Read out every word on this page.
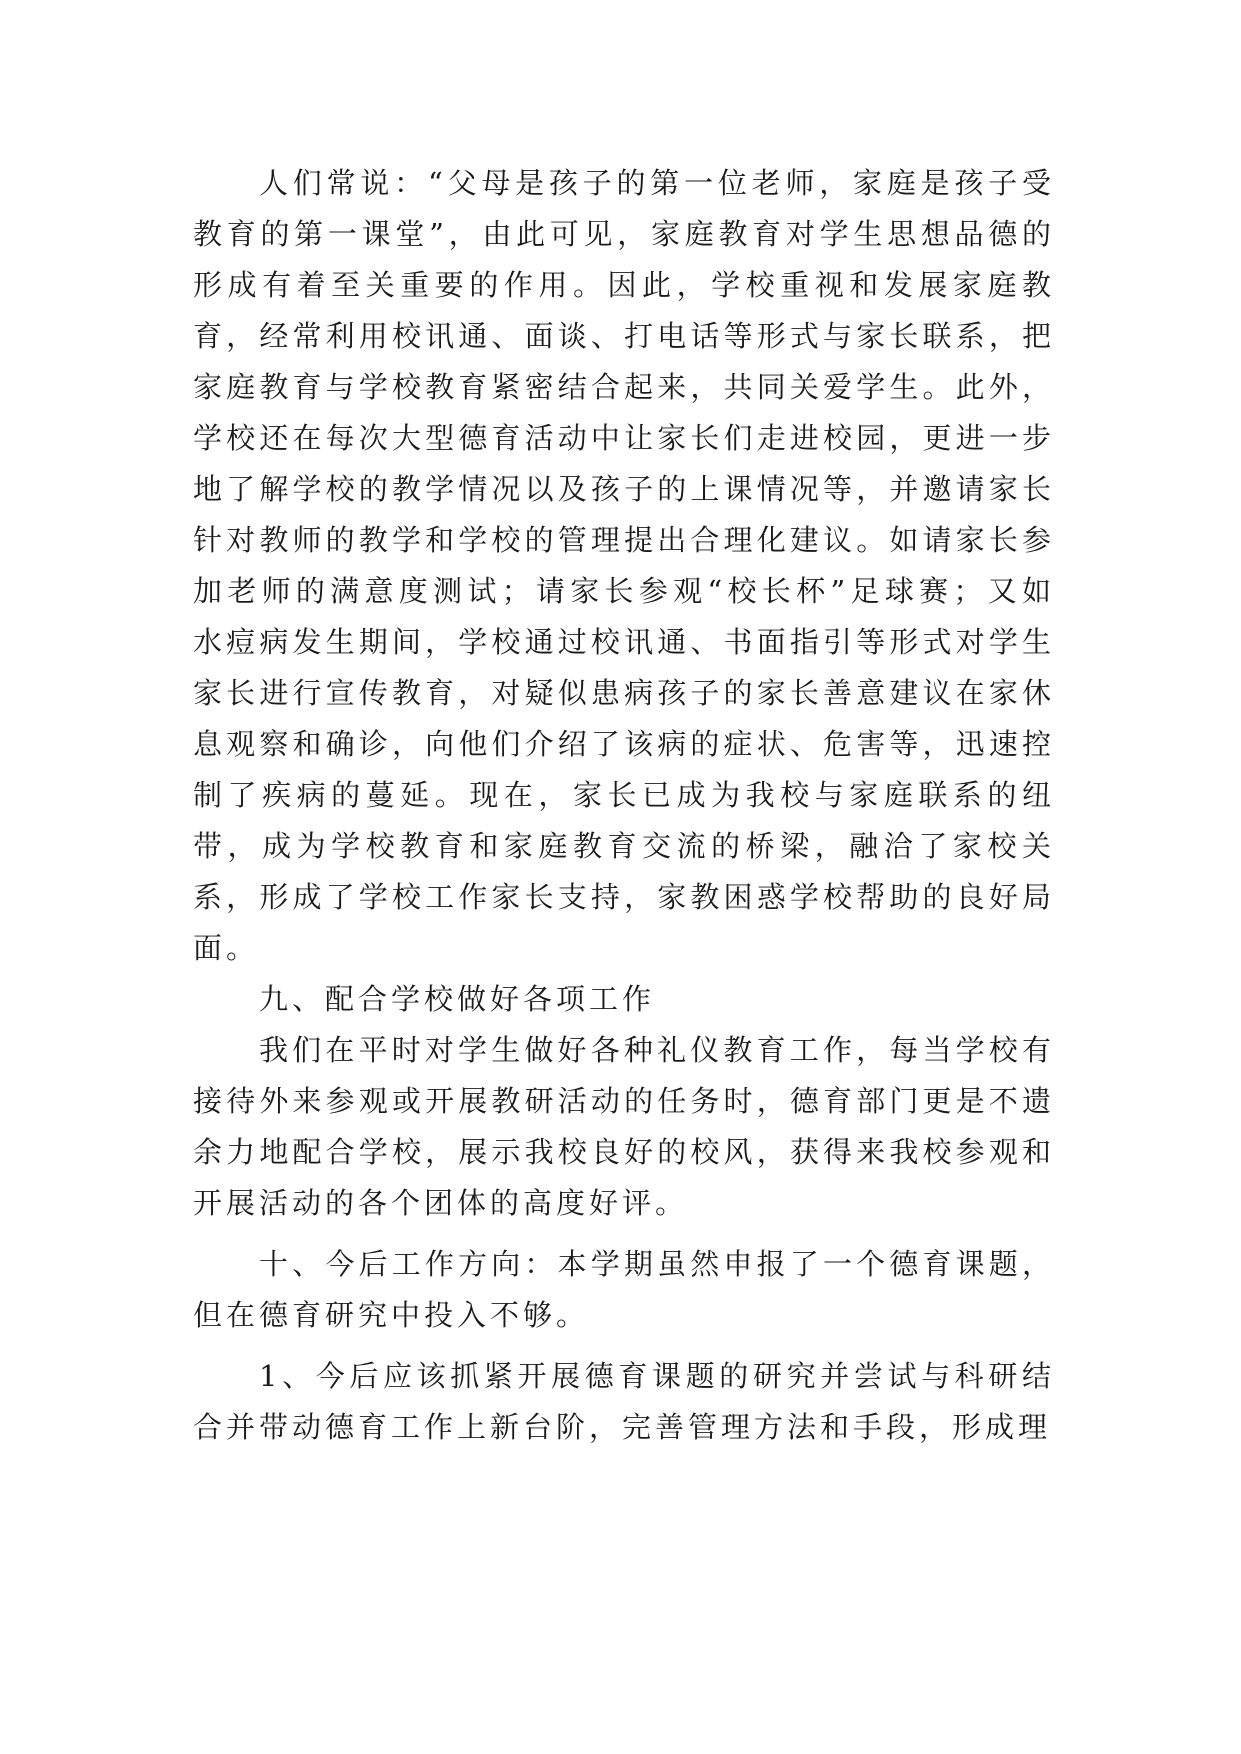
人们常说：“父母是孩子的第一位老师，家庭是孩子受教育的第一课堂”，由此可见，家庭教育对学生思想品德的形成有着至关重要的作用。因此，学校重视和发展家庭教育，经常利用校讯通、面谈、打电话等形式与家长联系，把家庭教育与学校教育紧密结合起来，共同关爱学生。此外，学校还在每次大型德育活动中让家长们走进校园，更进一步地了解学校的教学情况以及孩子的上课情况等，并邀请家长针对教师的教学和学校的管理提出合理化建议。如请家长参加老师的满意度测试；请家长参观“校长杯”足球赛；又如水痘病发生期间，学校通过校讯通、书面指引等形式对学生家长进行宣传教育，对疑似患病孩子的家长善意建议在家休息观察和确诊，向他们介绍了该病的症状、危害等，迅速控制了疾病的蔓延。现在，家长已成为我校与家庭联系的纽带，成为学校教育和家庭教育交流的桥梁，融洽了家校关系，形成了学校工作家长支持，家教困惑学校帮助的良好局面。

九、配合学校做好各项工作

我们在平时对学生做好各种礼仪教育工作，每当学校有接待外来参观或开展教研活动的任务时，德育部门更是不遗余力地配合学校，展示我校良好的校风，获得来我校参观和开展活动的各个团体的高度好评。

十、今后工作方向：本学期虽然申报了一个德育课题，但在德育研究中投入不够。

1、今后应该抓紧开展德育课题的研究并尝试与科研结合并带动德育工作上新台阶，完善管理方法和手段，形成理
